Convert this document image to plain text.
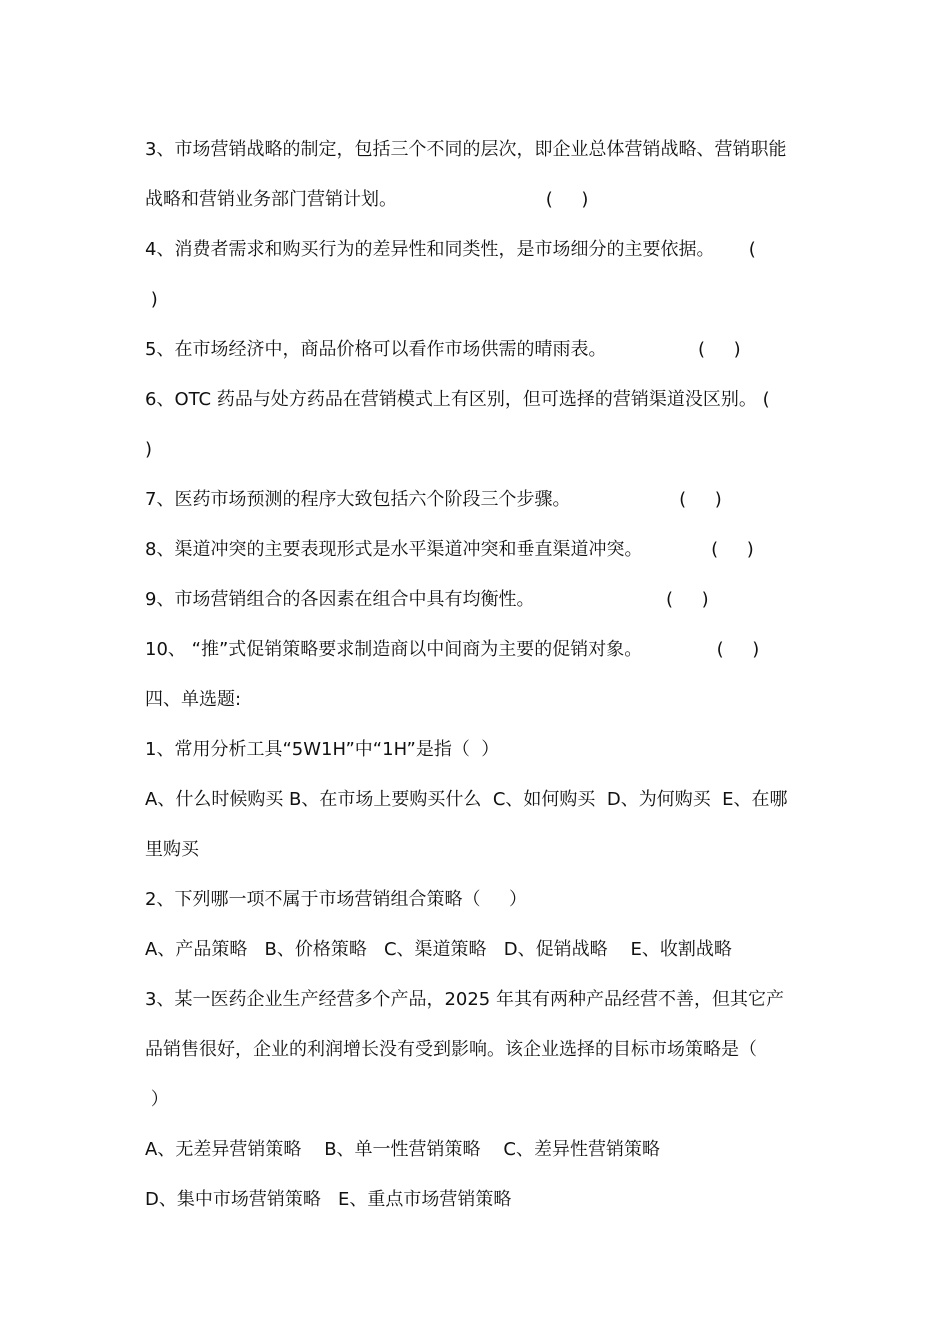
3、市场营销战略的制定，包括三个不同的层次，即企业总体营销战略、营销职能

战略和营销业务部门营销计划。                          (     )

4、消费者需求和购买行为的差异性和同类性，是市场细分的主要依据。      (

)

5、在市场经济中，商品价格可以看作市场供需的晴雨表。                (     )

6、OTC 药品与处方药品在营销模式上有区别，但可选择的营销渠道没区别。 (

)

7、医药市场预测的程序大致包括六个阶段三个步骤。                   (     )

8、渠道冲突的主要表现形式是水平渠道冲突和垂直渠道冲突。            (     )

9、市场营销组合的各因素在组合中具有均衡性。                       (     )

10、 “推”式促销策略要求制造商以中间商为主要的促销对象。             (     )

四、单选题:

1、常用分析工具“5W1H”中“1H”是指（  ）

A、什么时候购买 B、在市场上要购买什么  C、如何购买  D、为何购买  E、在哪

里购买

2、下列哪一项不属于市场营销组合策略（     ）

A、产品策略   B、价格策略   C、渠道策略   D、促销战略    E、收割战略

3、某一医药企业生产经营多个产品，2025 年其有两种产品经营不善，但其它产

品销售很好，企业的利润增长没有受到影响。该企业选择的目标市场策略是（

）

A、无差异营销策略    B、单一性营销策略    C、差异性营销策略

D、集中市场营销策略   E、重点市场营销策略
